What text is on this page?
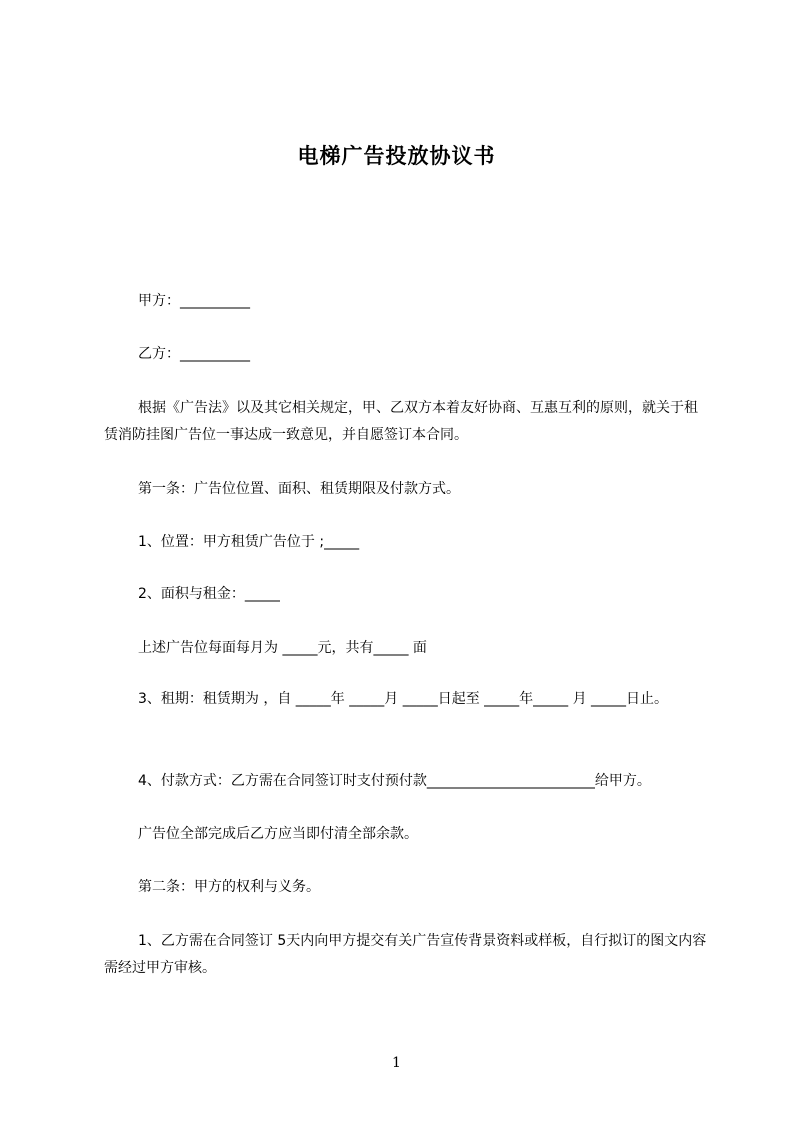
电梯广告投放协议书
甲方：__________
乙方：__________
根据《广告法》以及其它相关规定，甲、乙双方本着友好协商、互惠互利的原则，就关于租赁消防挂图广告位一事达成一致意见，并自愿签订本合同。
第一条：广告位位置、面积、租赁期限及付款方式。
1、位置：甲方租赁广告位于 ;_____
2、面积与租金：_____
上述广告位每面每月为 _____元，共有_____ 面
3、租期：租赁期为 ，自 _____年 _____月 _____日起至 _____年_____ 月 _____日止。
4、付款方式：乙方需在合同签订时支付预付款________________________给甲方。
广告位全部完成后乙方应当即付清全部余款。
第二条：甲方的权利与义务。
1、乙方需在合同签订 5天内向甲方提交有关广告宣传背景资料或样板，自行拟订的图文内容需经过甲方审核。
1
